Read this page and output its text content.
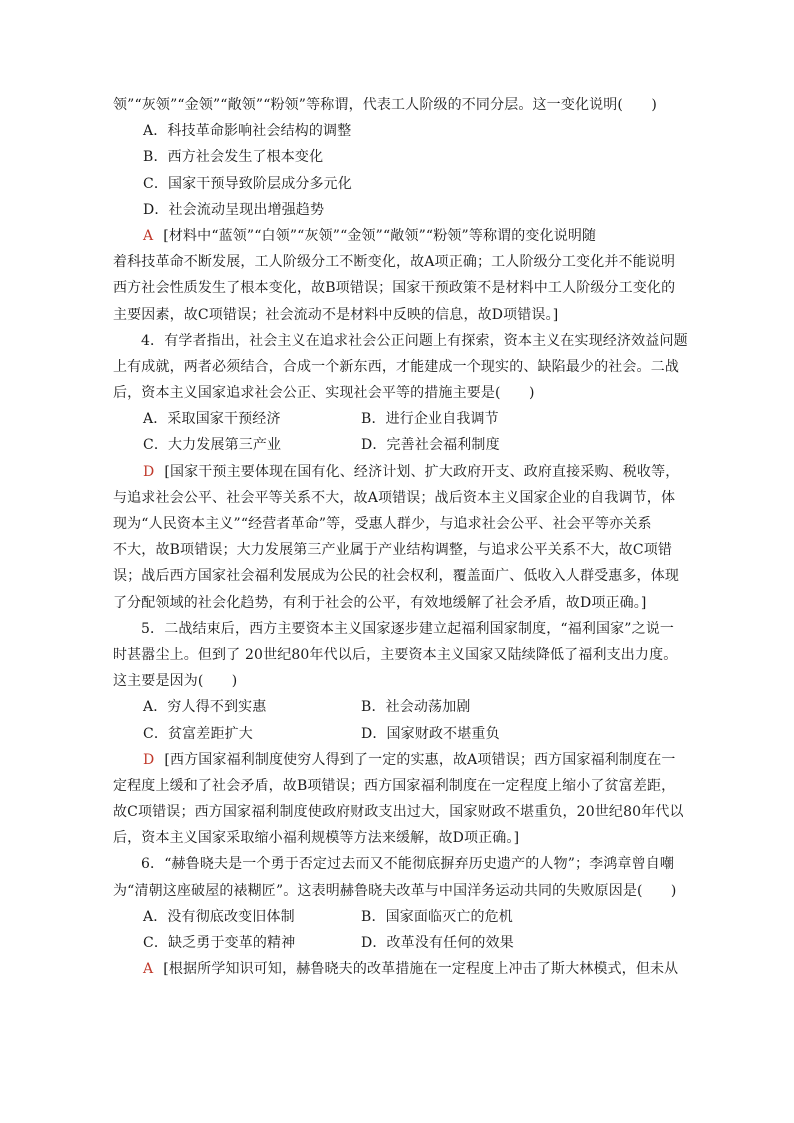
领”“灰领”“金领”“敞领”“粉领”等称谓，代表工人阶级的不同分层。这一变化说明(　　)
A．科技革命影响社会结构的调整
B．西方社会发生了根本变化
C．国家干预导致阶层成分多元化
D．社会流动呈现出增强趋势
A [材料中“蓝领”“白领”“灰领”“金领”“敞领”“粉领”等称谓的变化说明随
着科技革命不断发展，工人阶级分工不断变化，故A项正确；工人阶级分工变化并不能说明
西方社会性质发生了根本变化，故B项错误；国家干预政策不是材料中工人阶级分工变化的
主要因素，故C项错误；社会流动不是材料中反映的信息，故D项错误。]
4．有学者指出，社会主义在追求社会公正问题上有探索，资本主义在实现经济效益问题
上有成就，两者必须结合，合成一个新东西，才能建成一个现实的、缺陷最少的社会。二战
后，资本主义国家追求社会公正、实现社会平等的措施主要是(　　)
A．采取国家干预经济	B．进行企业自我调节
C．大力发展第三产业	D．完善社会福利制度
D [国家干预主要体现在国有化、经济计划、扩大政府开支、政府直接采购、税收等，
与追求社会公平、社会平等关系不大，故A项错误；战后资本主义国家企业的自我调节，体
现为“人民资本主义”“经营者革命”等，受惠人群少，与追求社会公平、社会平等亦关系
不大，故B项错误；大力发展第三产业属于产业结构调整，与追求公平关系不大，故C项错
误；战后西方国家社会福利发展成为公民的社会权利，覆盖面广、低收入人群受惠多，体现
了分配领域的社会化趋势，有利于社会的公平，有效地缓解了社会矛盾，故D项正确。]
5．二战结束后，西方主要资本主义国家逐步建立起福利国家制度，“福利国家”之说一
时甚嚣尘上。但到了 20世纪80年代以后，主要资本主义国家又陆续降低了福利支出力度。
这主要是因为(　　)
A．穷人得不到实惠	B．社会动荡加剧
C．贫富差距扩大	D．国家财政不堪重负
D [西方国家福利制度使穷人得到了一定的实惠，故A项错误；西方国家福利制度在一
定程度上缓和了社会矛盾，故B项错误；西方国家福利制度在一定程度上缩小了贫富差距，
故C项错误；西方国家福利制度使政府财政支出过大，国家财政不堪重负，20世纪80年代以
后，资本主义国家采取缩小福利规模等方法来缓解，故D项正确。]
6．“赫鲁晓夫是一个勇于否定过去而又不能彻底摒弃历史遗产的人物”；李鸿章曾自嘲
为“清朝这座破屋的裱糊匠”。这表明赫鲁晓夫改革与中国洋务运动共同的失败原因是(　　)
A．没有彻底改变旧体制	B．国家面临灭亡的危机
C．缺乏勇于变革的精神	D．改革没有任何的效果
A [根据所学知识可知，赫鲁晓夫的改革措施在一定程度上冲击了斯大林模式，但未从
